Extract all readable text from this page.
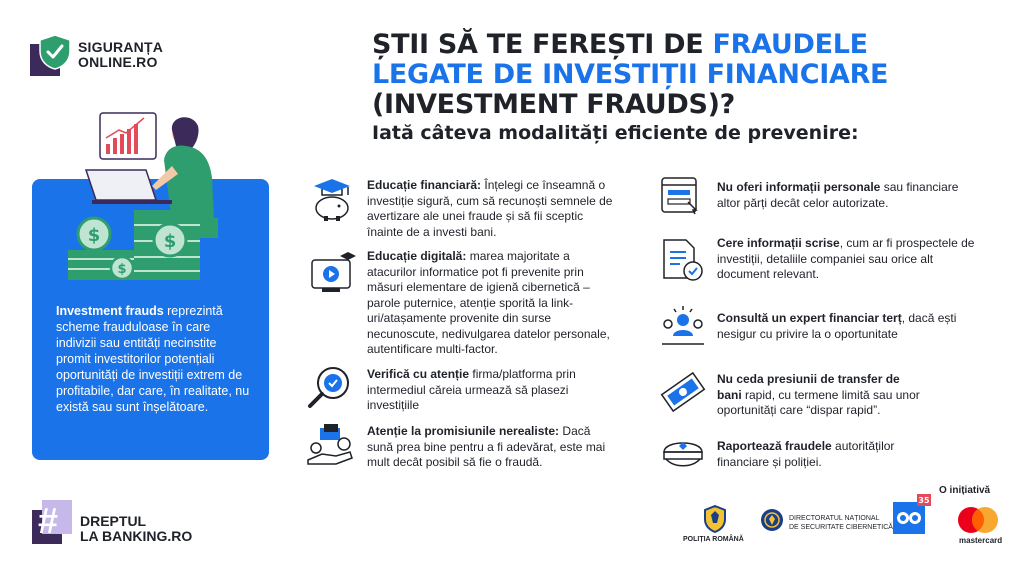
SIGURANȚA
ONLINE.RO
ȘTII SĂ TE FEREȘTI DE FRAUDELE LEGATE DE INVESTIȚII FINANCIARE (INVESTMENT FRAUDS)?
Iată câteva modalități eficiente de prevenire:
Investment frauds reprezintă scheme frauduloase în care indivizii sau entități necinstite promit investitorilor potențiali oportunități de investiții extrem de profitabile, dar care, în realitate, nu există sau sunt înșelătoare.
$	$
$
Educație financiară: Înțelegi ce înseamnă o investiție sigură, cum să recunoști semnele de avertizare ale unei fraude și să fii sceptic înainte de a investi bani.
Educație digitală: marea majoritate a atacurilor informatice pot fi prevenite prin măsuri elementare de igienă cibernetică – parole puternice, atenție sporită la link-uri/atașamente provenite din surse necunoscute, nedivulgarea datelor personale, autentificare multi-factor.
Verifică cu atenție firma/platforma prin intermediul căreia urmează să plasezi investițiile
Atenție la promisiunile nerealiste: Dacă sună prea bine pentru a fi adevărat, este mai mult decât posibil să fie o fraudă.
Nu oferi informații personale sau financiare altor părți decât celor autorizate.
Cere informații scrise, cum ar fi prospectele de investiții, detaliile companiei sau orice alt document relevant.
Consultă un expert financiar terț, dacă ești nesigur cu privire la o oportunitate
Nu ceda presiunii de transfer de bani rapid, cu termene limită sau unor oportunități care “dispar rapid”.
Raportează fraudele autorităților financiare și poliției.
# DREPTUL
LA BANKING.RO
O inițiativă
POLIȚIA ROMÂNĂ
DIRECTORATUL NAȚIONAL
DE SECURITATE CIBERNETICĂ
35
mastercard
